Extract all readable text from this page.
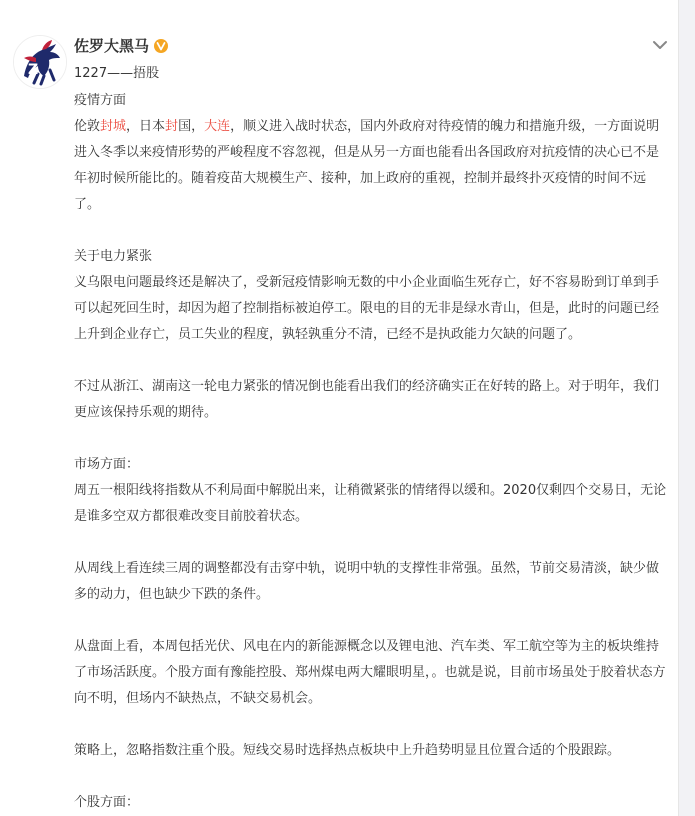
Z
佐罗大黑马
1227——捂股
疫情方面
伦敦封城，日本封国，大连，顺义进入战时状态，国内外政府对待疫情的魄力和措施升级，一方面说明进入冬季以来疫情形势的严峻程度不容忽视，但是从另一方面也能看出各国政府对抗疫情的决心已不是年初时候所能比的。随着疫苗大规模生产、接种，加上政府的重视，控制并最终扑灭疫情的时间不远了。
关于电力紧张
义乌限电问题最终还是解决了，受新冠疫情影响无数的中小企业面临生死存亡，好不容易盼到订单到手可以起死回生时，却因为超了控制指标被迫停工。限电的目的无非是绿水青山，但是，此时的问题已经上升到企业存亡，员工失业的程度，孰轻孰重分不清，已经不是执政能力欠缺的问题了。
不过从浙江、湖南这一轮电力紧张的情况倒也能看出我们的经济确实正在好转的路上。对于明年，我们更应该保持乐观的期待。
市场方面：
周五一根阳线将指数从不利局面中解脱出来，让稍微紧张的情绪得以缓和。2020仅剩四个交易日，无论是谁多空双方都很难改变目前胶着状态。
从周线上看连续三周的调整都没有击穿中轨，说明中轨的支撑性非常强。虽然，节前交易清淡，缺少做多的动力，但也缺少下跌的条件。
从盘面上看，本周包括光伏、风电在内的新能源概念以及锂电池、汽车类、军工航空等为主的板块维持了市场活跃度。个股方面有豫能控股、郑州煤电两大耀眼明星，。也就是说，目前市场虽处于胶着状态方向不明，但场内不缺热点，不缺交易机会。
策略上，忽略指数注重个股。短线交易时选择热点板块中上升趋势明显且位置合适的个股跟踪。
个股方面：
